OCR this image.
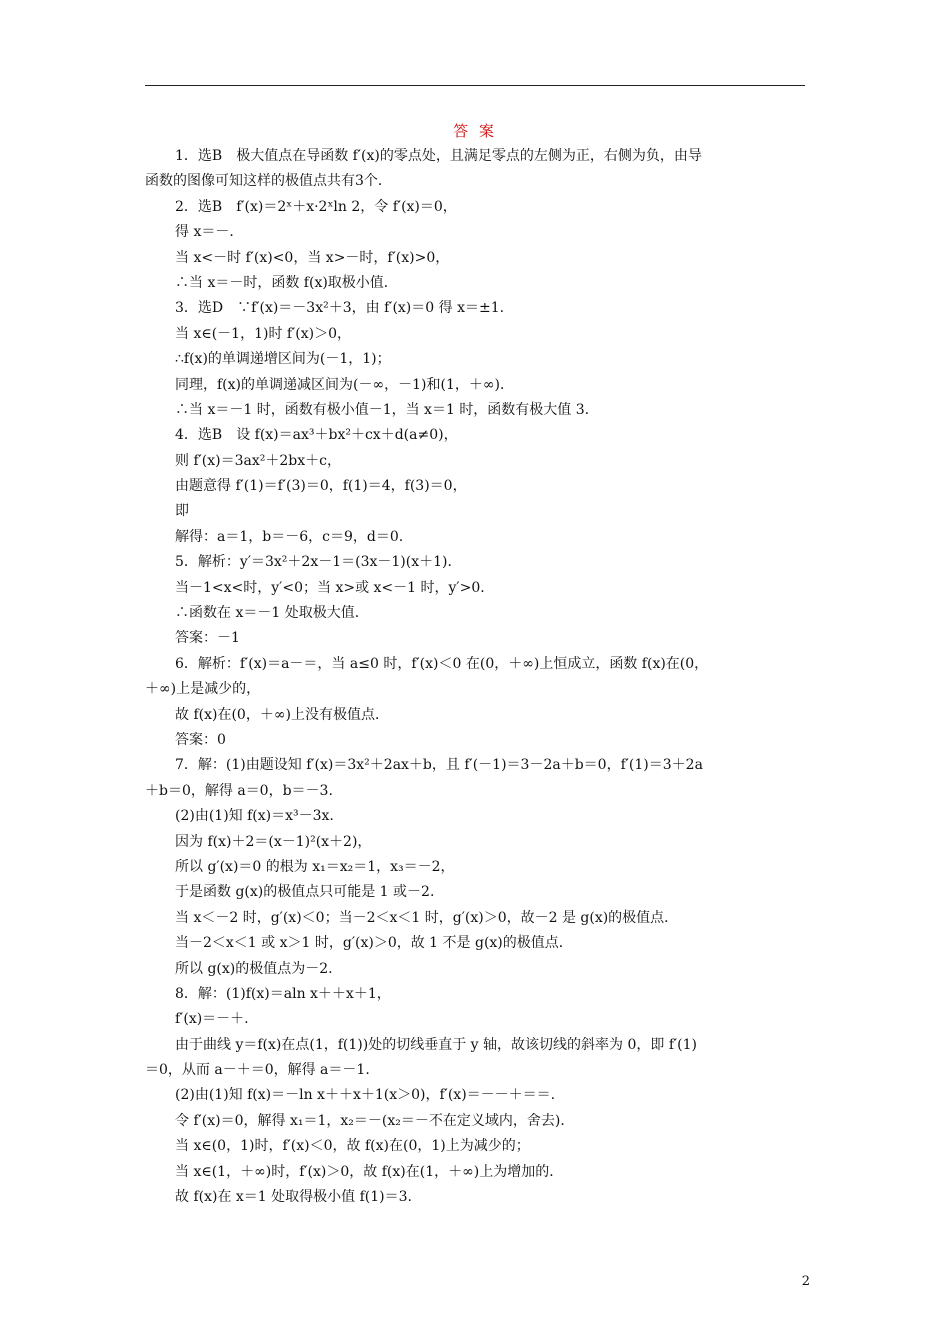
答 案
1．选B　极大值点在导函数 f′(x)的零点处，且满足零点的左侧为正，右侧为负，由导
函数的图像可知这样的极值点共有3个．
2．选B　f′(x)＝2ˣ＋x·2ˣln 2，令 f′(x)＝0，
得 x＝－．
当 x<－时 f′(x)<0，当 x>－时，f′(x)>0，
∴当 x＝－时，函数 f(x)取极小值．
3．选D　∵f′(x)＝－3x²＋3，由 f′(x)＝0 得 x＝±1.
当 x∈(－1，1)时 f′(x)＞0，
∴f(x)的单调递增区间为(－1，1)；
同理，f(x)的单调递减区间为(－∞，－1)和(1，＋∞)．
∴当 x＝－1 时，函数有极小值－1，当 x＝1 时，函数有极大值 3.
4．选B　设 f(x)＝ax³＋bx²＋cx＋d(a≠0)，
则 f′(x)＝3ax²＋2bx＋c，
由题意得 f′(1)＝f′(3)＝0，f(1)＝4，f(3)＝0，
即
解得：a＝1，b＝－6，c＝9，d＝0.
5．解析：y′＝3x²＋2x－1＝(3x－1)(x＋1)．
当－1<x<时，y′<0；当 x>或 x<－1 时，y′>0.
∴函数在 x＝－1 处取极大值．
答案：－1
6．解析：f′(x)＝a－＝，当 a≤0 时，f′(x)＜0 在(0，＋∞)上恒成立，函数 f(x)在(0，
＋∞)上是减少的，
故 f(x)在(0，＋∞)上没有极值点．
答案：0
7．解：(1)由题设知 f′(x)＝3x²＋2ax＋b，且 f′(－1)＝3－2a＋b＝0，f′(1)＝3＋2a
＋b＝0，解得 a＝0，b＝－3.
(2)由(1)知 f(x)＝x³－3x.
因为 f(x)＋2＝(x－1)²(x＋2)，
所以 g′(x)＝0 的根为 x₁＝x₂＝1，x₃＝－2，
于是函数 g(x)的极值点只可能是 1 或－2.
当 x＜－2 时，g′(x)＜0；当－2＜x＜1 时，g′(x)＞0，故－2 是 g(x)的极值点．
当－2＜x＜1 或 x＞1 时，g′(x)＞0，故 1 不是 g(x)的极值点．
所以 g(x)的极值点为－2.
8．解：(1)f(x)＝aln x＋＋x＋1，
f′(x)＝－＋.
由于曲线 y＝f(x)在点(1，f(1))处的切线垂直于 y 轴，故该切线的斜率为 0，即 f′(1)
＝0，从而 a－＋＝0，解得 a＝－1.
(2)由(1)知 f(x)＝－ln x＋＋x＋1(x＞0)，f′(x)＝－－＋＝＝.
令 f′(x)＝0，解得 x₁＝1，x₂＝－(x₂＝－不在定义域内，舍去)．
当 x∈(0，1)时，f′(x)＜0，故 f(x)在(0，1)上为减少的；
当 x∈(1，＋∞)时，f′(x)＞0，故 f(x)在(1，＋∞)上为增加的．
故 f(x)在 x＝1 处取得极小值 f(1)＝3.
2
